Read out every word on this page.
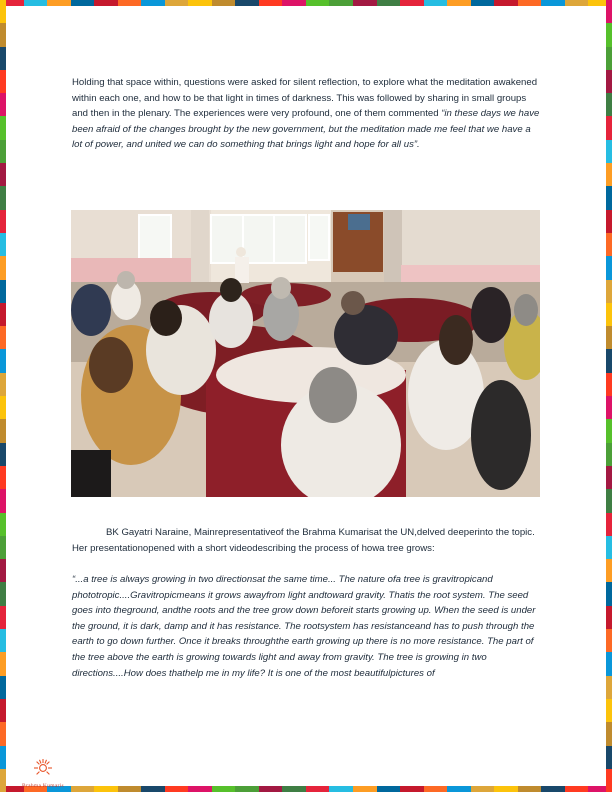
Holding that space within, questions were asked for silent reflection, to explore what the meditation awakened within each one, and how to be that light in times of darkness. This was followed by sharing in small groups and then in the plenary. The experiences were very profound, one of them commented “in these days we have been afraid of the changes brought by the new government, but the meditation made me feel that we have a lot of power, and united we can do something that brings light and hope for all us”.

BK Gayatri Naraine, Mainrepresentativeof the Brahma Kumarisat the UN,delved deeperinto the topic. Her presentationopened with a short videodescribing the process of howa tree grows:

“...a tree is always growing in two directionsat the same time... The nature ofa tree is gravitropicand phototropic....Gravitropicmeans it grows awayfrom light andtoward gravity. Thatis the root system. The seed goes into theground, andthe roots and the tree grow down beforeit starts growing up. When the seed is under the ground, it is dark, damp and it has resistance. The rootsystem has resistanceand has to push through the earth to go down further. Once it breaks throughthe earth growing up there is no more resistance. The part of the tree above the earth is growing towards light and away from gravity. The tree is growing in two directions....How does thathelp me in my life? It is one of the most beautifulpictures of

Brahma Kumaris
